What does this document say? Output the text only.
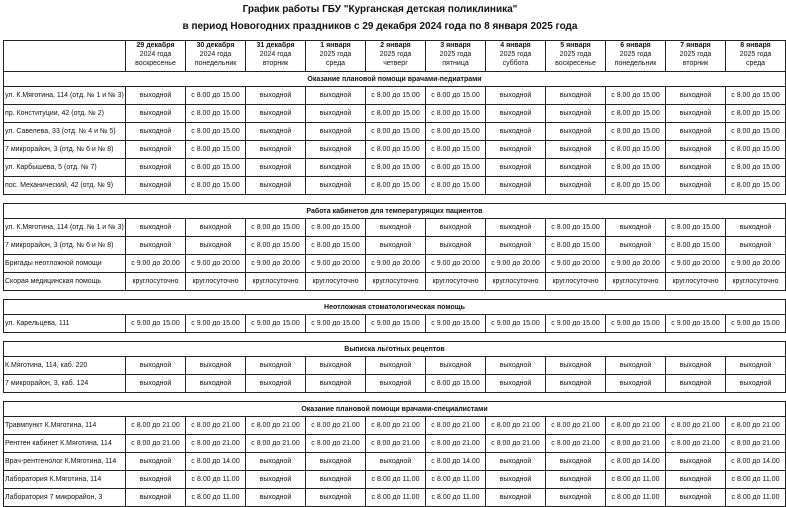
График работы ГБУ "Курганская детская поликлиника"
в период Новогодних праздников с 29 декабря 2024 года по 8 января 2025 года

	29 декабря
2024 года
воскресенье	30 декабря
2024 года
понедельник	31 декабря
2024 года
вторник	1 января
2025 года
среда	2 января
2025 года
четверг	3 января
2025 года
пятница	4 января
2025 года
суббота	5 января
2025 года
воскресенье	6 января
2025 года
понедельник	7 января
2025 года
вторник	8 января
2025 года
среда

Оказание плановой помощи врачами-педиатрами											
ул. К.Мяготина, 114 (отд. № 1 и № 3)	выходной	с 8.00 до 15.00	выходной	выходной	с 8.00 до 15.00	с 8.00 до 15.00	выходной	выходной	с 8.00 до 15.00	выходной	с 8.00 до 15.00
пр. Конституции, 42 (отд. № 2)	выходной	с 8.00 до 15.00	выходной	выходной	с 8.00 до 15.00	с 8.00 до 15.00	выходной	выходной	с 8.00 до 15.00	выходной	с 8.00 до 15.00
ул. Савелева, 33 (отд. № 4 и № 5)	выходной	с 8.00 до 15.00	выходной	выходной	с 8.00 до 15.00	с 8.00 до 15.00	выходной	выходной	с 8.00 до 15.00	выходной	с 8.00 до 15.00
7 микрорайон, 3 (отд. № 6 и № 8)	выходной	с 8.00 до 15.00	выходной	выходной	с 8.00 до 15.00	с 8.00 до 15.00	выходной	выходной	с 8.00 до 15.00	выходной	с 8.00 до 15.00
ул. Карбышева, 5 (отд. № 7)	выходной	с 8.00 до 15.00	выходной	выходной	с 8.00 до 15.00	с 8.00 до 15.00	выходной	выходной	с 8.00 до 15.00	выходной	с 8.00 до 15.00
пос. Механический, 42 (отд. № 9)	выходной	с 8.00 до 15.00	выходной	выходной	с 8.00 до 15.00	с 8.00 до 15.00	выходной	выходной	с 8.00 до 15.00	выходной	с 8.00 до 15.00

Работа кабинетов для температурящих пациентов											
ул. К.Мяготина, 114 (отд. № 1 и № 3)	выходной	выходной	с 8.00 до 15.00	с 8.00 до 15.00	выходной	выходной	выходной	с 8.00 до 15.00	выходной	с 8.00 до 15.00	выходной
7 микрорайон, 3 (отд. № 6 и № 8)	выходной	выходной	с 8.00 до 15.00	с 8.00 до 15.00	выходной	выходной	выходной	с 8.00 до 15.00	выходной	с 8.00 до 15.00	выходной
Бригады неотложной помощи	с 9.00 до 20.00	с 9.00 до 20.00	с 9.00 до 20.00	с 9.00 до 20.00	с 9.00 до 20.00	с 9.00 до 20.00	с 9.00 до 20.00	с 9.00 до 20.00	с 9.00 до 20.00	с 9.00 до 20.00	с 9.00 до 20.00
Скорая медицинская помощь	круглосуточно	круглосуточно	круглосуточно	круглосуточно	круглосуточно	круглосуточно	круглосуточно	круглосуточно	круглосуточно	круглосуточно	круглосуточно

Неотложная стоматологическая помощь											
ул. Карельцева, 111	с 9.00 до 15.00	с 9.00 до 15.00	с 9.00 до 15.00	с 9.00 до 15.00	с 9.00 до 15.00	с 9.00 до 15.00	с 9.00 до 15.00	с 9.00 до 15.00	с 9.00 до 15.00	с 9.00 до 15.00	с 9.00 до 15.00

Выписка льготных рецептов											
К.Мяготина, 114, каб. 220	выходной	выходной	выходной	выходной	выходной	выходной	выходной	выходной	выходной	выходной	выходной
7 микрорайон, 3, каб. 124	выходной	выходной	выходной	выходной	выходной	с 8.00 до 15.00	выходной	выходной	выходной	выходной	выходной

Оказание плановой помощи врачами-специалистами											
Травмпункт К.Мяготина, 114	с 8.00 до 21.00	с 8.00 до 21.00	с 8.00 до 21.00	с 8.00 до 21.00	с 8.00 до 21.00	с 8.00 до 21.00	с 8.00 до 21.00	с 8.00 до 21.00	с 8.00 до 21.00	с 8.00 до 21.00	с 8.00 до 21.00
Рентген кабинет К.Мяготина, 114	с 8.00 до 21.00	с 8.00 до 21.00	с 8.00 до 21.00	с 8.00 до 21.00	с 8.00 до 21.00	с 8.00 до 21.00	с 8.00 до 21.00	с 8.00 до 21.00	с 8.00 до 21.00	с 8.00 до 21.00	с 8.00 до 21.00
Врач-рентгенолог К.Мяготина, 114	выходной	с 8.00 до 14.00	выходной	выходной	выходной	с 8.00 до 14.00	выходной	выходной	с 8.00 до 14.00	выходной	с 8.00 до 14.00
Лаборатория К.Мяготина, 114	выходной	с 8.00 до 11.00	выходной	выходной	с 8.00 до 11.00	с 8.00 до 11.00	выходной	выходной	с 8.00 до 11.00	выходной	с 8.00 до 11.00
Лаборатория 7 микрорайон, 3	выходной	с 8.00 до 11.00	выходной	выходной	с 8.00 до 11.00	с 8.00 до 11.00	выходной	выходной	с 8.00 до 11.00	выходной	с 8.00 до 11.00
